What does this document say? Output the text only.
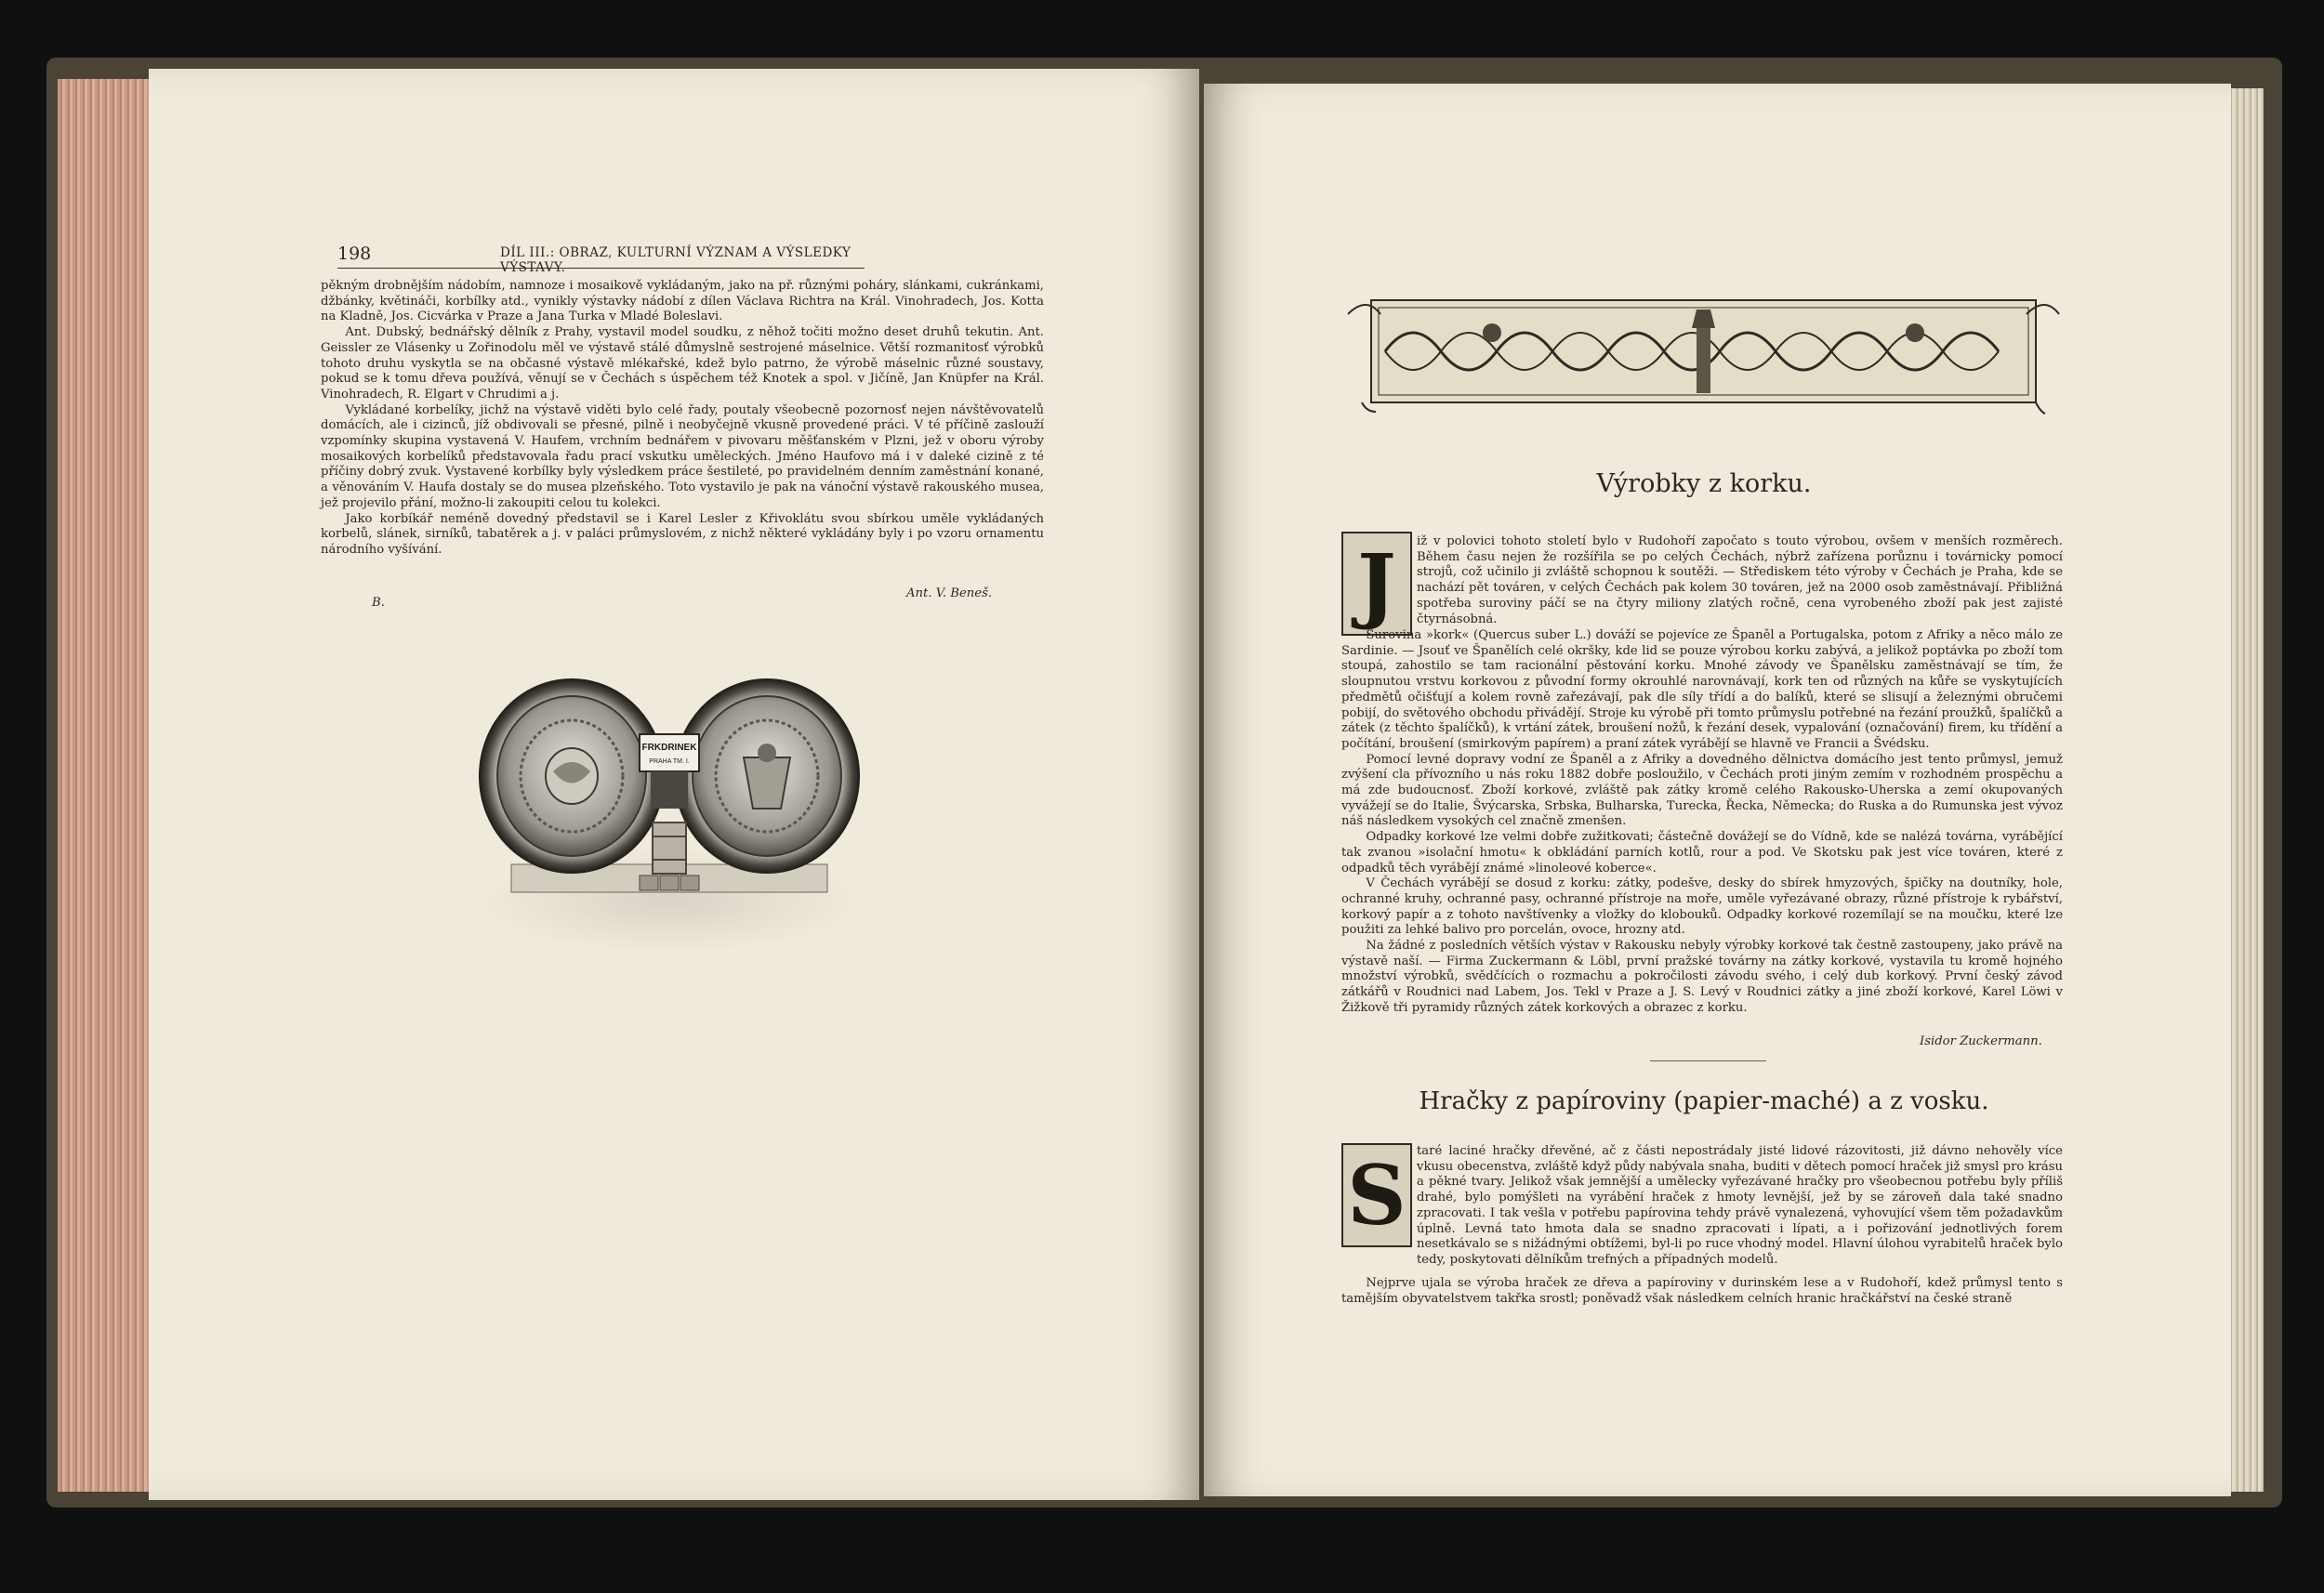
198	DÍL III.: OBRAZ, KULTURNÍ VÝZNAM A VÝSLEDKY VÝSTAVY.

pěkným drobnějším nádobím, namnoze i mosaikově vykládaným, jako na př. různými poháry, slánkami, cukránkami, džbánky, květináči, korbílky atd., vynikly výstavky nádobí z dílen Václava Richtra na Král. Vinohradech, Jos. Kotta na Kladně, Jos. Cicvárka v Praze a Jana Turka v Mladé Boleslavi.

Ant. Dubský, bednářský dělník z Prahy, vystavil model soudku, z něhož točiti možno deset druhů tekutin. Ant. Geissler ze Vlásenky u Zořinodolu měl ve výstavě stálé důmyslně sestrojené máselnice. Větší rozmanitosť výrobků tohoto druhu vyskytla se na občasné výstavě mlékařské, kdež bylo patrno, že výrobě máselnic různé soustavy, pokud se k tomu dřeva používá, věnují se v Čechách s úspěchem též Knotek a spol. v Jičíně, Jan Knüpfer na Král. Vinohradech, R. Elgart v Chrudimi a j.

Vykládané korbelíky, jichž na výstavě viděti bylo celé řady, poutaly všeobecně pozornosť nejen návštěvovatelů domácích, ale i cizinců, jíž obdivovali se přesné, pilně i neobyčejně vkusně provedené práci. V té příčině zaslouží vzpomínky skupina vystavená V. Haufem, vrchním bednářem v pivovaru měšťanském v Plzni, jež v oboru výroby mosaikových korbelíků představovala řadu prací vskutku uměleckých. Jméno Haufovo má i v daleké cizině z té příčiny dobrý zvuk. Vystavené korbílky byly výsledkem práce šestileté, po pravidelném denním zaměstnání konané, a věnováním V. Haufa dostaly se do musea plzeňského. Toto vystavilo je pak na vánoční výstavě rakouského musea, jež projevilo přání, možno-li zakoupiti celou tu kolekci.

Jako korbíkář neméně dovedný představil se i Karel Lesler z Křivoklátu svou sbírkou uměle vykládaných korbelů, slánek, sirníků, tabatěrek a j. v paláci průmyslovém, z nichž některé vykládány byly i po vzoru ornamentu národního vyšívání.

B.
Ant. V. Beneš.
FRKDRINEK
PRAHA TM. I.
Výrobky z korku.
J	iž v polovici tohoto století bylo v Rudohoří započato s touto výrobou, ovšem v menších rozměrech. Během času nejen že rozšířila se po celých Čechách, nýbrž zařízena porůznu i továrnicky pomocí strojů, což učinilo ji zvláště schopnou k soutěži. — Střediskem této výroby v Čechách je Praha, kde se nachází pět továren, v celých Čechách pak kolem 30 továren, jež na 2000 osob zaměstnávají. Přibližná spotřeba suroviny páčí se na čtyry miliony zlatých ročně, cena vyrobeného zboží pak jest zajisté čtyrnásobná.

Surovina »kork« (Quercus suber L.) dováží se pojevíce ze Španěl a Portugalska, potom z Afriky a něco málo ze Sardinie. — Jsouť ve Španělích celé okršky, kde lid se pouze výrobou korku zabývá, a jelikož poptávka po zboží tom stoupá, zahostilo se tam racionální pěstování korku. Mnohé závody ve Španělsku zaměstnávají se tím, že sloupnutou vrstvu korkovou z původní formy okrouhlé narovnávají, kork ten od různých na kůře se vyskytujících předmětů očišťují a kolem rovně zařezávají, pak dle síly třídí a do balíků, které se slisují a železnými obručemi pobijí, do světového obchodu přivádějí. Stroje ku výrobě při tomto průmyslu potřebné na řezání proužků, špalíčků a zátek (z těchto špalíčků), k vrtání zátek, broušení nožů, k řezání desek, vypalování (označování) firem, ku třídění a počítání, broušení (smirkovým papírem) a praní zátek vyrábějí se hlavně ve Francii a Švédsku.

Pomocí levné dopravy vodní ze Španěl a z Afriky a dovedného dělnictva domácího jest tento průmysl, jemuž zvýšení cla přívozního u nás roku 1882 dobře posloužilo, v Čechách proti jiným zemím v rozhodném prospěchu a má zde budoucnosť. Zboží korkové, zvláště pak zátky kromě celého Rakousko-Uherska a zemí okupovaných vyvážejí se do Italie, Švýcarska, Srbska, Bulharska, Turecka, Řecka, Německa; do Ruska a do Rumunska jest vývoz náš následkem vysokých cel značně zmenšen.

Odpadky korkové lze velmi dobře zužitkovati; částečně dovážejí se do Vídně, kde se nalézá továrna, vyrábějící tak zvanou »isolační hmotu« k obkládání parních kotlů, rour a pod. Ve Skotsku pak jest více továren, které z odpadků těch vyrábějí známé »linoleové koberce«.

V Čechách vyrábějí se dosud z korku: zátky, podešve, desky do sbírek hmyzových, špičky na doutníky, hole, ochranné kruhy, ochranné pasy, ochranné přístroje na moře, uměle vyřezávané obrazy, různé přístroje k rybářství, korkový papír a z tohoto navštívenky a vložky do klobouků. Odpadky korkové rozemílají se na moučku, které lze použiti za lehké balivo pro porcelán, ovoce, hrozny atd.

Na žádné z posledních větších výstav v Rakousku nebyly výrobky korkové tak čestně zastoupeny, jako právě na výstavě naší. — Firma Zuckermann & Löbl, první pražské továrny na zátky korkové, vystavila tu kromě hojného množství výrobků, svědčících o rozmachu a pokročilosti závodu svého, i celý dub korkový. První český závod zátkářů v Roudnici nad Labem, Jos. Tekl v Praze a J. S. Levý v Roudnici zátky a jiné zboží korkové, Karel Löwi v Žižkově tři pyramidy různých zátek korkových a obrazec z korku.

Isidor Zuckermann.
Hračky z papíroviny (papier-maché) a z vosku.
S taré laciné hračky dřevěné, ač z části nepostrádaly jisté lidové rázovitosti, již dávno nehověly více vkusu obecenstva, zvláště když půdy nabývala snaha, buditi v dětech pomocí hraček již smysl pro krásu a pěkné tvary. Jelikož však jemnější a umělecky vyřezávané hračky pro všeobecnou potřebu byly příliš drahé, bylo pomýšleti na vyrábění hraček z hmoty levnější, jež by se zároveň dala také snadno zpracovati. I tak vešla v potřebu papírovina tehdy právě vynalezená, vyhovující všem těm požadavkům úplně. Levná tato hmota dala se snadno zpracovati i lípati, a i pořizování jednotlivých forem nesetkávalo se s nižádnými obtížemi, byl-li po ruce vhodný model. Hlavní úlohou vyrabitelů hraček bylo tedy, poskytovati dělníkům trefných a případných modelů.

Nejprve ujala se výroba hraček ze dřeva a papíroviny v durinském lese a v Rudohoří, kdež průmysl tento s tamějším obyvatelstvem takřka srostl; poněvadž však následkem celních hranic hračkářství na české straně
